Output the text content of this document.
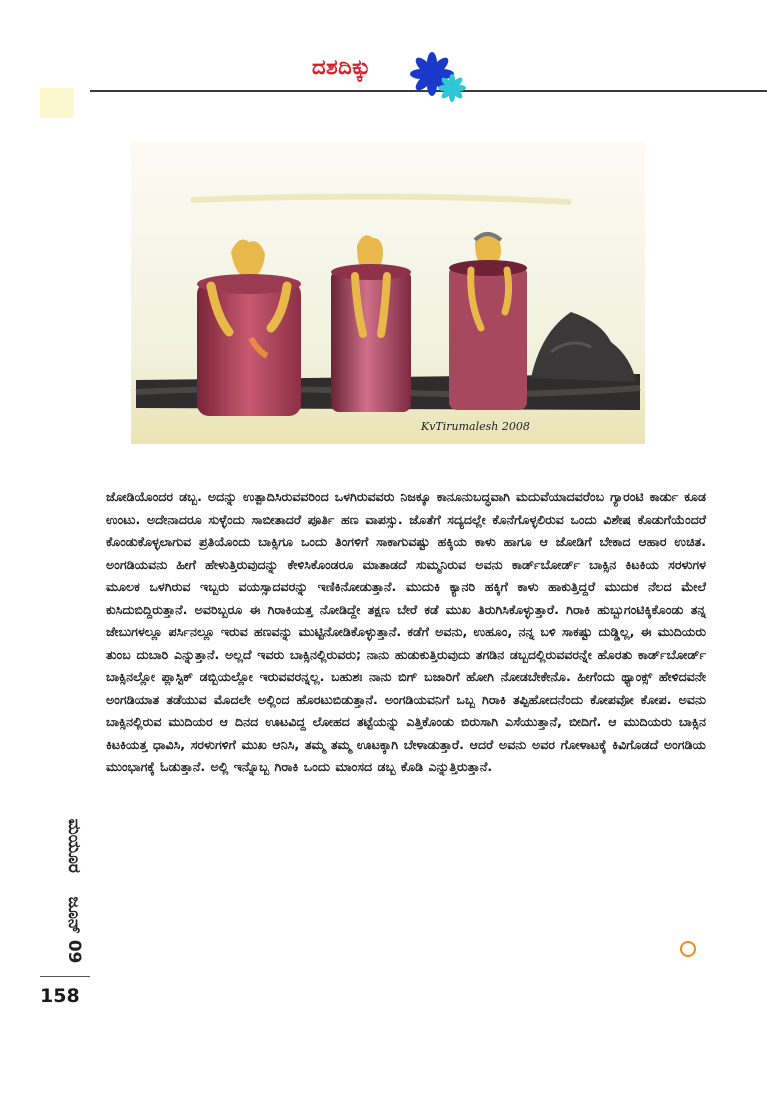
ದಶದಿಕ್ಕು
KvTirumalesh 2008
ಜೋಡಿಯೊಂದರ ಡಬ್ಬ. ಅದನ್ನು ಉತ್ಪಾದಿಸಿರುವವರಿಂದ ಒಳಗಿರುವವರು ನಿಜಕ್ಕೂ ಕಾನೂನುಬದ್ಧವಾಗಿ ಮದುವೆಯಾದವರೆಂಬ ಗ್ಯಾರಂಟಿ ಕಾರ್ಡು ಕೂಡ ಉಂಟು. ಅದೇನಾದರೂ ಸುಳ್ಳೆಂದು ಸಾಬೀತಾದರೆ ಪೂರ್ತಿ ಹಣ ವಾಪಸ್ಸು. ಜೊತೆಗೆ ಸದ್ಯದಲ್ಲೇ ಕೊನೆಗೊಳ್ಳಲಿರುವ ಒಂದು ವಿಶೇಷ ಕೊಡುಗೆಯೆಂದರೆ ಕೊಂಡುಕೊಳ್ಳಲಾಗುವ ಪ್ರತಿಯೊಂದು ಬಾಕ್ಸಿಗೂ ಒಂದು ತಿಂಗಳಿಗೆ ಸಾಕಾಗುವಷ್ಟು ಹಕ್ಕಿಯ ಕಾಳು ಹಾಗೂ ಆ ಜೋಡಿಗೆ ಬೇಕಾದ ಆಹಾರ ಉಚಿತ. ಅಂಗಡಿಯವನು ಹೀಗೆ ಹೇಳುತ್ತಿರುವುದನ್ನು ಕೇಳಿಸಿಕೊಂಡರೂ ಮಾತಾಡದೆ ಸುಮ್ಮನಿರುವ ಅವನು ಕಾರ್ಡ್‌ಬೋರ್ಡ್ ಬಾಕ್ಸಿನ ಕಿಟಕಿಯ ಸರಳುಗಳ ಮೂಲಕ ಒಳಗಿರುವ ಇಬ್ಬರು ವಯಸ್ಸಾದವರನ್ನು ಇಣಿಕಿನೋಡುತ್ತಾನೆ. ಮುದುಕಿ ಕ್ಯಾನರಿ ಹಕ್ಕಿಗೆ ಕಾಳು ಹಾಕುತ್ತಿದ್ದರೆ ಮುದುಕ ನೆಲದ ಮೇಲೆ ಕುಸಿದುಬಿದ್ದಿರುತ್ತಾನೆ. ಅವರಿಬ್ಬರೂ ಈ ಗಿರಾಕಿಯತ್ತ ನೋಡಿದ್ದೇ ತಕ್ಷಣ ಬೇರೆ ಕಡೆ ಮುಖ ತಿರುಗಿಸಿಕೊಳ್ಳುತ್ತಾರೆ. ಗಿರಾಕಿ ಹುಬ್ಬುಗಂಟಿಕ್ಕಿಕೊಂಡು ತನ್ನ ಜೇಬುಗಳಲ್ಲೂ ಪರ್ಸಿನಲ್ಲೂ ಇರುವ ಹಣವನ್ನು ಮುಟ್ಟಿನೋಡಿಕೊಳ್ಳುತ್ತಾನೆ. ಕಡೆಗೆ ಅವನು, ಉಹೂಂ, ನನ್ನ ಬಳಿ ಸಾಕಷ್ಟು ದುಡ್ಡಿಲ್ಲ, ಈ ಮುದಿಯರು ತುಂಬ ದುಬಾರಿ ಎನ್ನುತ್ತಾನೆ. ಅಲ್ಲದೆ ಇವರು ಬಾಕ್ಸಿನಲ್ಲಿರುವರು; ನಾನು ಹುಡುಕುತ್ತಿರುವುದು ತಗಡಿನ ಡಬ್ಬದಲ್ಲಿರುವವರನ್ನೇ ಹೊರತು ಕಾರ್ಡ್‌ಬೋರ್ಡ್ ಬಾಕ್ಸಿನಲ್ಲೋ ಪ್ಲಾಸ್ಟಿಕ್ ಡಬ್ಬಿಯಲ್ಲೋ ಇರುವವರನ್ನಲ್ಲ. ಬಹುಶಃ ನಾನು ಬಿಗ್ ಬಜಾರಿಗೆ ಹೋಗಿ ನೋಡಬೇಕೇನೊ. ಹೀಗೆಂದು ಥ್ಯಾಂಕ್ಸ್ ಹೇಳಿದವನೇ ಅಂಗಡಿಯಾತ ತಡೆಯುವ ಮೊದಲೇ ಅಲ್ಲಿಂದ ಹೊರಟುಬಿಡುತ್ತಾನೆ. ಅಂಗಡಿಯವನಿಗೆ ಒಬ್ಬ ಗಿರಾಕಿ ತಪ್ಪಿಹೋದನೆಂದು ಕೋಪವೋ ಕೋಪ. ಅವನು ಬಾಕ್ಸಿನಲ್ಲಿರುವ ಮುದಿಯರ ಆ ದಿನದ ಊಟವಿದ್ದ ಲೋಹದ ತಟ್ಟೆಯನ್ನು ಎತ್ತಿಕೊಂಡು ಬಿರುಸಾಗಿ ಎಸೆಯುತ್ತಾನೆ, ಬೀದಿಗೆ. ಆ ಮುದಿಯರು ಬಾಕ್ಸಿನ ಕಿಟಕಿಯತ್ತ ಧಾವಿಸಿ, ಸರಳುಗಳಿಗೆ ಮುಖ ಆನಿಸಿ, ತಮ್ಮ ತಮ್ಮ ಊಟಕ್ಕಾಗಿ ಬೇಳಾಡುತ್ತಾರೆ. ಆದರೆ ಅವನು ಅವರ ಗೋಳಾಟಕ್ಕೆ ಕಿವಿಗೊಡದೆ ಅಂಗಡಿಯ ಮುಂಭಾಗಕ್ಕೆ ಓಡುತ್ತಾನೆ. ಅಲ್ಲಿ ಇನ್ನೊಬ್ಬ ಗಿರಾಕಿ ಒಂದು ಮಾಂಸದ ಡಬ್ಬ ಕೊಡಿ ಎನ್ನುತ್ತಿರುತ್ತಾನೆ.
ಮಯೂರ    ಜೂನ್ 09
158
